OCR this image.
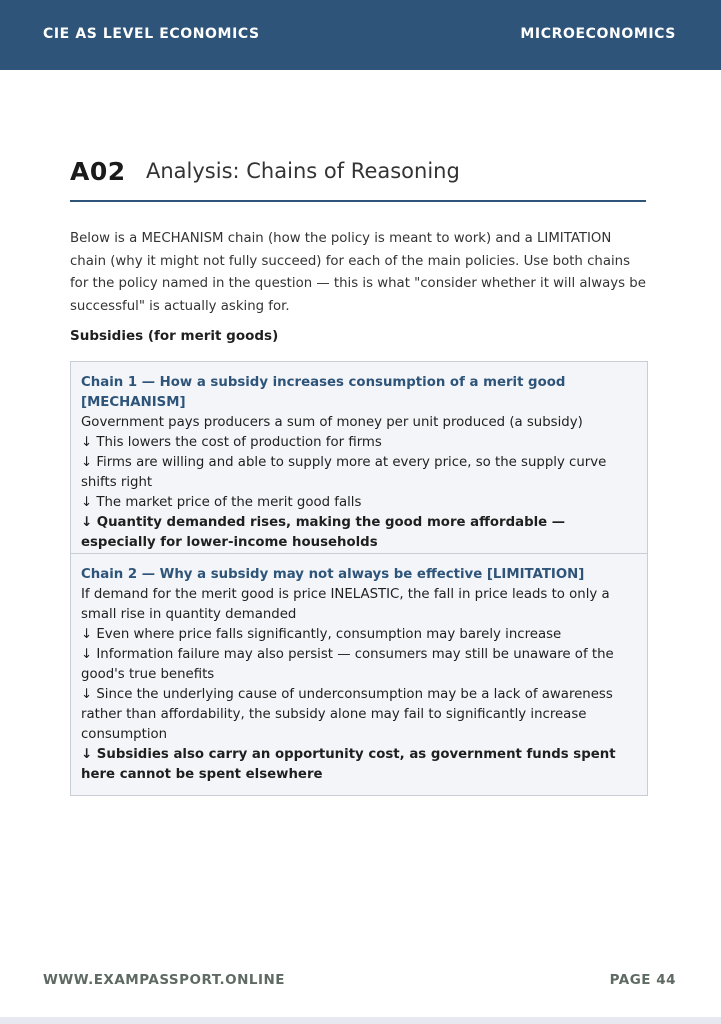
CIE AS LEVEL ECONOMICS	MICROECONOMICS
A02 Analysis: Chains of Reasoning
Below is a MECHANISM chain (how the policy is meant to work) and a LIMITATION chain (why it might not fully succeed) for each of the main policies. Use both chains for the policy named in the question — this is what "consider whether it will always be successful" is actually asking for.
Subsidies (for merit goods)
Chain 1 — How a subsidy increases consumption of a merit good [MECHANISM]
Government pays producers a sum of money per unit produced (a subsidy)
↓ This lowers the cost of production for firms
↓ Firms are willing and able to supply more at every price, so the supply curve shifts right
↓ The market price of the merit good falls
↓ Quantity demanded rises, making the good more affordable — especially for lower-income households
Chain 2 — Why a subsidy may not always be effective [LIMITATION]
If demand for the merit good is price INELASTIC, the fall in price leads to only a small rise in quantity demanded
↓ Even where price falls significantly, consumption may barely increase
↓ Information failure may also persist — consumers may still be unaware of the good's true benefits
↓ Since the underlying cause of underconsumption may be a lack of awareness rather than affordability, the subsidy alone may fail to significantly increase consumption
↓ Subsidies also carry an opportunity cost, as government funds spent here cannot be spent elsewhere
WWW.EXAMPASSPORT.ONLINE	PAGE 44
